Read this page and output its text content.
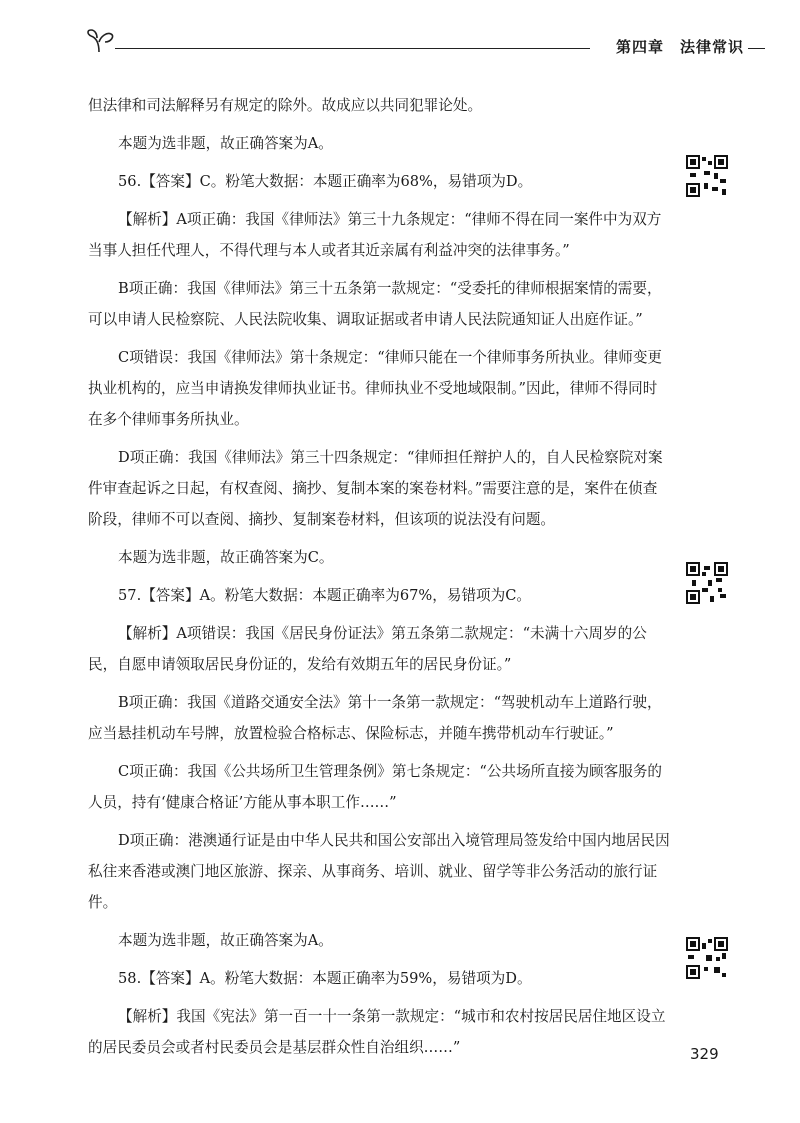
第四章　法律常识

但法律和司法解释另有规定的除外。故成应以共同犯罪论处。

本题为选非题，故正确答案为A。

56.【答案】C。粉笔大数据：本题正确率为68%，易错项为D。

【解析】A项正确：我国《律师法》第三十九条规定：“律师不得在同一案件中为双方当事人担任代理人，不得代理与本人或者其近亲属有利益冲突的法律事务。”

B项正确：我国《律师法》第三十五条第一款规定：“受委托的律师根据案情的需要，可以申请人民检察院、人民法院收集、调取证据或者申请人民法院通知证人出庭作证。”

C项错误：我国《律师法》第十条规定：“律师只能在一个律师事务所执业。律师变更执业机构的，应当申请换发律师执业证书。律师执业不受地域限制。”因此，律师不得同时在多个律师事务所执业。

D项正确：我国《律师法》第三十四条规定：“律师担任辩护人的，自人民检察院对案件审查起诉之日起，有权查阅、摘抄、复制本案的案卷材料。”需要注意的是，案件在侦查阶段，律师不可以查阅、摘抄、复制案卷材料，但该项的说法没有问题。

本题为选非题，故正确答案为C。

57.【答案】A。粉笔大数据：本题正确率为67%，易错项为C。

【解析】A项错误：我国《居民身份证法》第五条第二款规定：“未满十六周岁的公民，自愿申请领取居民身份证的，发给有效期五年的居民身份证。”

B项正确：我国《道路交通安全法》第十一条第一款规定：“驾驶机动车上道路行驶，应当悬挂机动车号牌，放置检验合格标志、保险标志，并随车携带机动车行驶证。”

C项正确：我国《公共场所卫生管理条例》第七条规定：“公共场所直接为顾客服务的人员，持有‘健康合格证’方能从事本职工作……”

D项正确：港澳通行证是由中华人民共和国公安部出入境管理局签发给中国内地居民因私往来香港或澳门地区旅游、探亲、从事商务、培训、就业、留学等非公务活动的旅行证件。

本题为选非题，故正确答案为A。

58.【答案】A。粉笔大数据：本题正确率为59%，易错项为D。

【解析】我国《宪法》第一百一十一条第一款规定：“城市和农村按居民居住地区设立的居民委员会或者村民委员会是基层群众性自治组织……”	329
